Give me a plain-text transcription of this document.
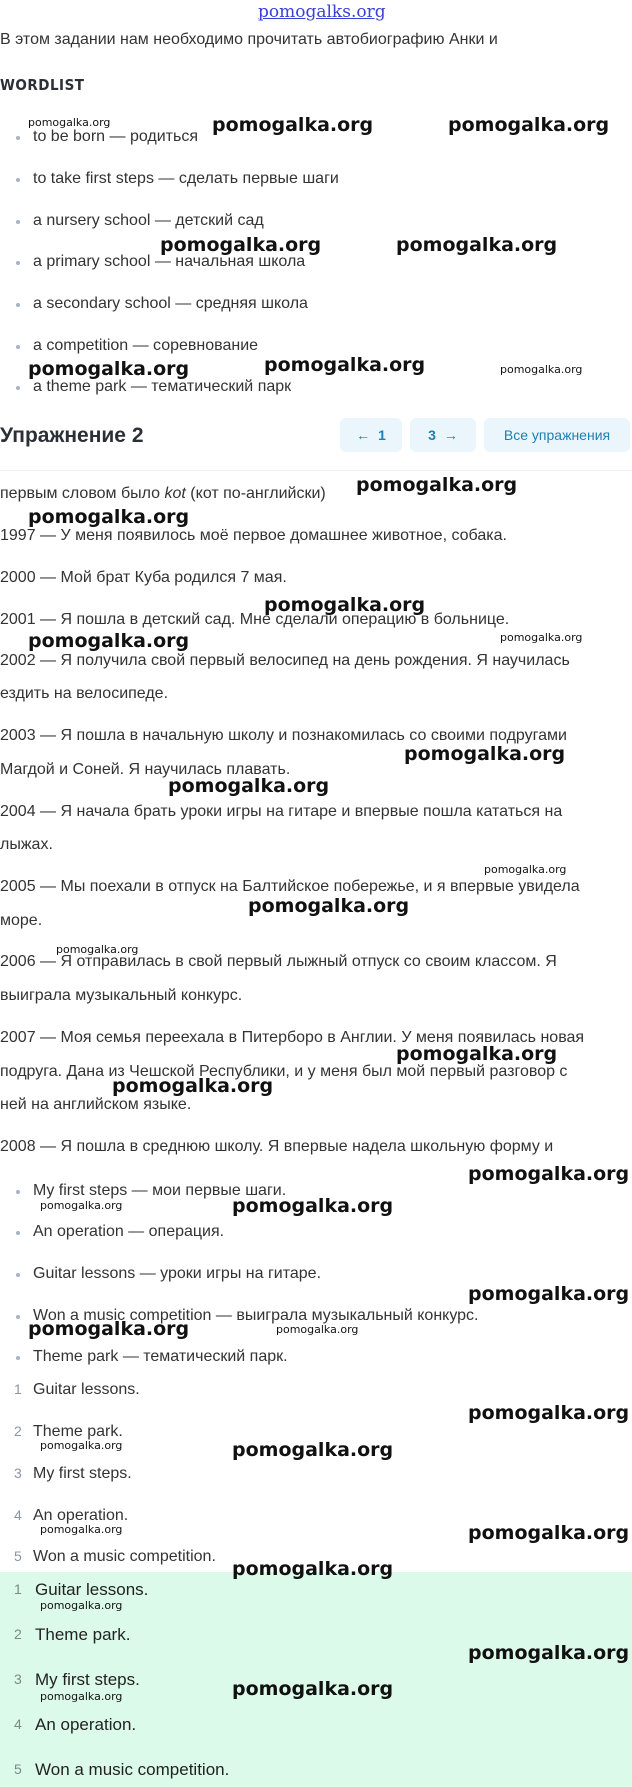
pomogalks.org
В этом задании нам необходимо прочитать автобиографию Анки и
WORDLIST
to be born — родиться
to take first steps — сделать первые шаги
a nursery school — детский сад
a primary school — начальная школа
a secondary school — средняя школа
a competition — соревнование
a theme park — тематический парк
Упражнение 2	← 1	3 →	Все упражнения
первым словом было kot (кот по-английски)
1997 — У меня появилось моё первое домашнее животное, собака.
2000 — Мой брат Куба родился 7 мая.
2001 — Я пошла в детский сад. Мне сделали операцию в больнице.
2002 — Я получила свой первый велосипед на день рождения. Я научилась
ездить на велосипеде.
2003 — Я пошла в начальную школу и познакомилась со своими подругами
Магдой и Соней. Я научилась плавать.
2004 — Я начала брать уроки игры на гитаре и впервые пошла кататься на
лыжах.
2005 — Мы поехали в отпуск на Балтийское побережье, и я впервые увидела
море.
2006 — Я отправилась в свой первый лыжный отпуск со своим классом. Я
выиграла музыкальный конкурс.
2007 — Моя семья переехала в Питерборо в Англии. У меня появилась новая
подруга. Дана из Чешской Республики, и у меня был мой первый разговор с
ней на английском языке.
2008 — Я пошла в среднюю школу. Я впервые надела школьную форму и
My first steps — мои первые шаги.
An operation — операция.
Guitar lessons — уроки игры на гитаре.
Won a music competition — выиграла музыкальный конкурс.
Theme park — тематический парк.
1 Guitar lessons.
2 Theme park.
3 My first steps.
4 An operation.
5 Won a music competition.
1 Guitar lessons.
2 Theme park.
3 My first steps.
4 An operation.
5 Won a music competition.
pomogalka.org	pomogalka.org	pomogalka.org
pomogalka.org	pomogalka.org
pomogalka.org	pomogalka.org	pomogalka.org
pomogalka.org
pomogalka.org
pomogalka.org
pomogalka.org	pomogalka.org
pomogalka.org
pomogalka.org
pomogalka.org
pomogalka.org
pomogalka.org
pomogalka.org
pomogalka.org
pomogalka.org
pomogalka.org	pomogalka.org
pomogalka.org
pomogalka.org	pomogalka.org
pomogalka.org
pomogalka.org	pomogalka.org
pomogalka.org	pomogalka.org
pomogalka.org
pomogalka.org
pomogalka.org
pomogalka.org	pomogalka.org
